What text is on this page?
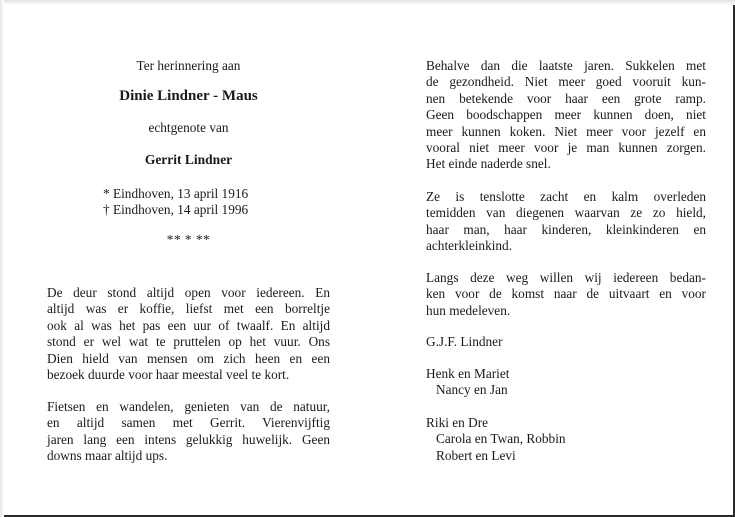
Ter herinnering aan
Dinie Lindner - Maus
echtgenote van
Gerrit Lindner
* Eindhoven, 13 april 1916
† Eindhoven, 14 april 1996
** * **
De deur stond altijd open voor iedereen. En
altijd was er koffie, liefst met een borreltje
ook al was het pas een uur of twaalf. En altijd
stond er wel wat te pruttelen op het vuur. Ons
Dien hield van mensen om zich heen en een
bezoek duurde voor haar meestal veel te kort.
Fietsen en wandelen, genieten van de natuur,
en altijd samen met Gerrit. Vierenvijftig
jaren lang een intens gelukkig huwelijk. Geen
downs maar altijd ups.
Behalve dan die laatste jaren. Sukkelen met
de gezondheid. Niet meer goed vooruit kun-
nen betekende voor haar een grote ramp.
Geen boodschappen meer kunnen doen, niet
meer kunnen koken. Niet meer voor jezelf en
vooral niet meer voor je man kunnen zorgen.
Het einde naderde snel.
Ze is tenslotte zacht en kalm overleden
temidden van diegenen waarvan ze zo hield,
haar man, haar kinderen, kleinkinderen en
achterkleinkind.
Langs deze weg willen wij iedereen bedan-
ken voor de komst naar de uitvaart en voor
hun medeleven.
G.J.F. Lindner
Henk en Mariet
Nancy en Jan
Riki en Dre
Carola en Twan, Robbin
Robert en Levi
